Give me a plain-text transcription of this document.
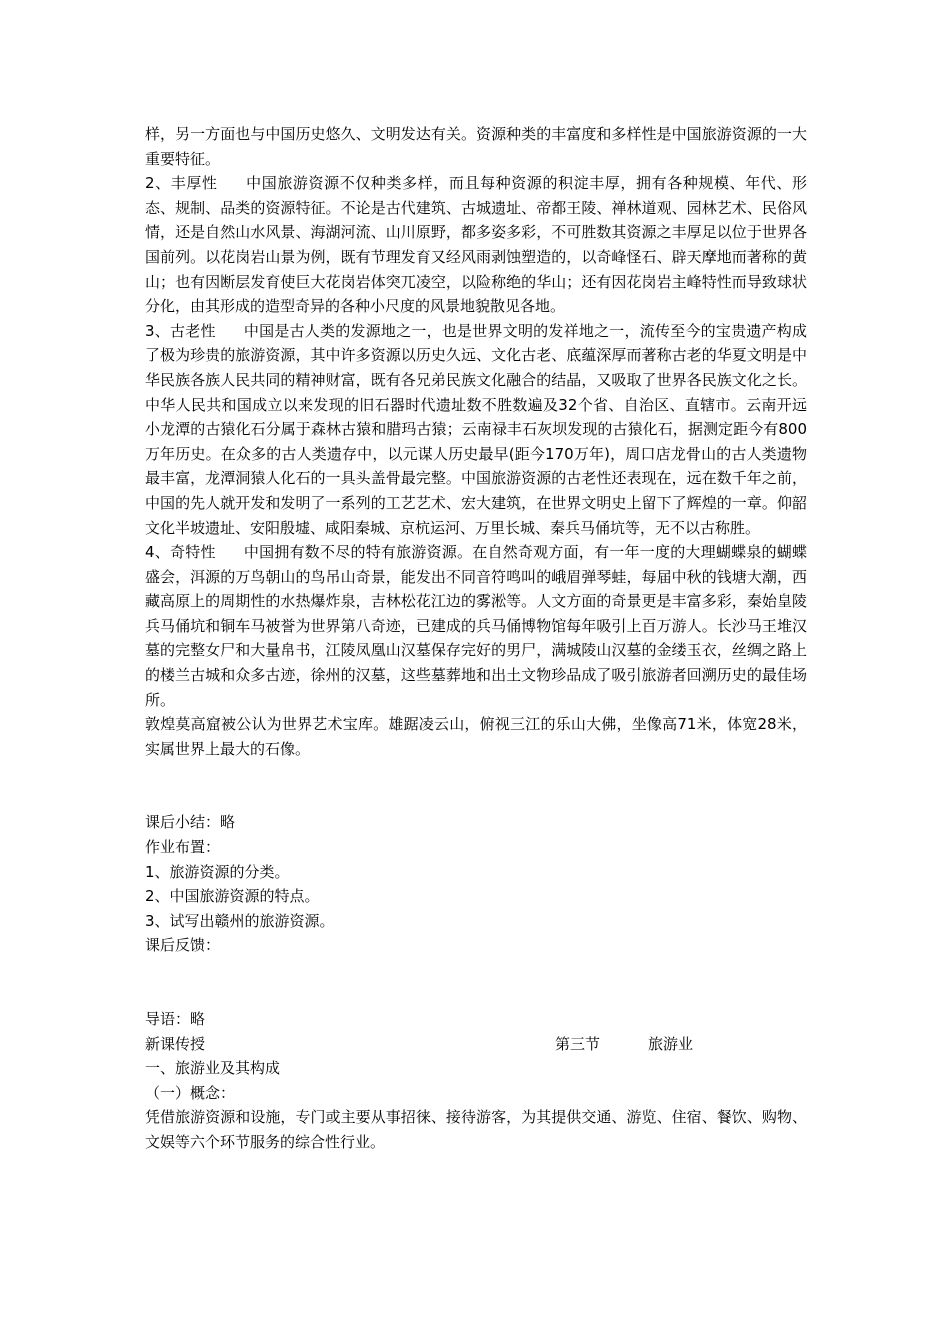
样，另一方面也与中国历史悠久、文明发达有关。资源种类的丰富度和多样性是中国旅游资源的一大重要特征。

2、丰厚性 中国旅游资源不仅种类多样，而且每种资源的积淀丰厚，拥有各种规模、年代、形态、规制、品类的资源特征。不论是古代建筑、古城遗址、帝都王陵、禅林道观、园林艺术、民俗风情，还是自然山水风景、海湖河流、山川原野，都多姿多彩，不可胜数其资源之丰厚足以位于世界各国前列。以花岗岩山景为例，既有节理发育又经风雨剥蚀塑造的，以奇峰怪石、辟天摩地而著称的黄山；也有因断层发育使巨大花岗岩体突兀凌空，以险称绝的华山；还有因花岗岩主峰特性而导致球状分化，由其形成的造型奇异的各种小尺度的风景地貌散见各地。

3、古老性 中国是古人类的发源地之一，也是世界文明的发祥地之一，流传至今的宝贵遗产构成了极为珍贵的旅游资源，其中许多资源以历史久远、文化古老、底蕴深厚而著称古老的华夏文明是中华民族各族人民共同的精神财富，既有各兄弟民族文化融合的结晶，又吸取了世界各民族文化之长。中华人民共和国成立以来发现的旧石器时代遗址数不胜数遍及32个省、自治区、直辖市。云南开远小龙潭的古猿化石分属于森林古猿和腊玛古猿；云南禄丰石灰坝发现的古猿化石，据测定距今有800万年历史。在众多的古人类遗存中，以元谋人历史最早(距今170万年)，周口店龙骨山的古人类遗物最丰富，龙潭洞猿人化石的一具头盖骨最完整。中国旅游资源的古老性还表现在，远在数千年之前，中国的先人就开发和发明了一系列的工艺艺术、宏大建筑，在世界文明史上留下了辉煌的一章。仰韶文化半坡遗址、安阳殷墟、咸阳秦城、京杭运河、万里长城、秦兵马俑坑等，无不以古称胜。

4、奇特性 中国拥有数不尽的特有旅游资源。在自然奇观方面，有一年一度的大理蝴蝶泉的蝴蝶盛会，洱源的万鸟朝山的鸟吊山奇景，能发出不同音符鸣叫的峨眉弹琴蛙，每届中秋的钱塘大潮，西藏高原上的周期性的水热爆炸泉，吉林松花江边的雾淞等。人文方面的奇景更是丰富多彩，秦始皇陵兵马俑坑和铜车马被誉为世界第八奇迹，已建成的兵马俑博物馆每年吸引上百万游人。长沙马王堆汉墓的完整女尸和大量帛书，江陵凤凰山汉墓保存完好的男尸，满城陵山汉墓的金缕玉衣，丝绸之路上的楼兰古城和众多古迹，徐州的汉墓，这些墓葬地和出土文物珍品成了吸引旅游者回溯历史的最佳场所。

敦煌莫高窟被公认为世界艺术宝库。雄踞凌云山，俯视三江的乐山大佛，坐像高71米，体宽28米，实属世界上最大的石像。

课后小结：略

作业布置：

1、旅游资源的分类。

2、中国旅游资源的特点。

3、试写出赣州的旅游资源。

课后反馈：

导语：略

新课传授	第三节	旅游业

一、旅游业及其构成

（一）概念：

凭借旅游资源和设施，专门或主要从事招徕、接待游客，为其提供交通、游览、住宿、餐饮、购物、文娱等六个环节服务的综合性行业。
